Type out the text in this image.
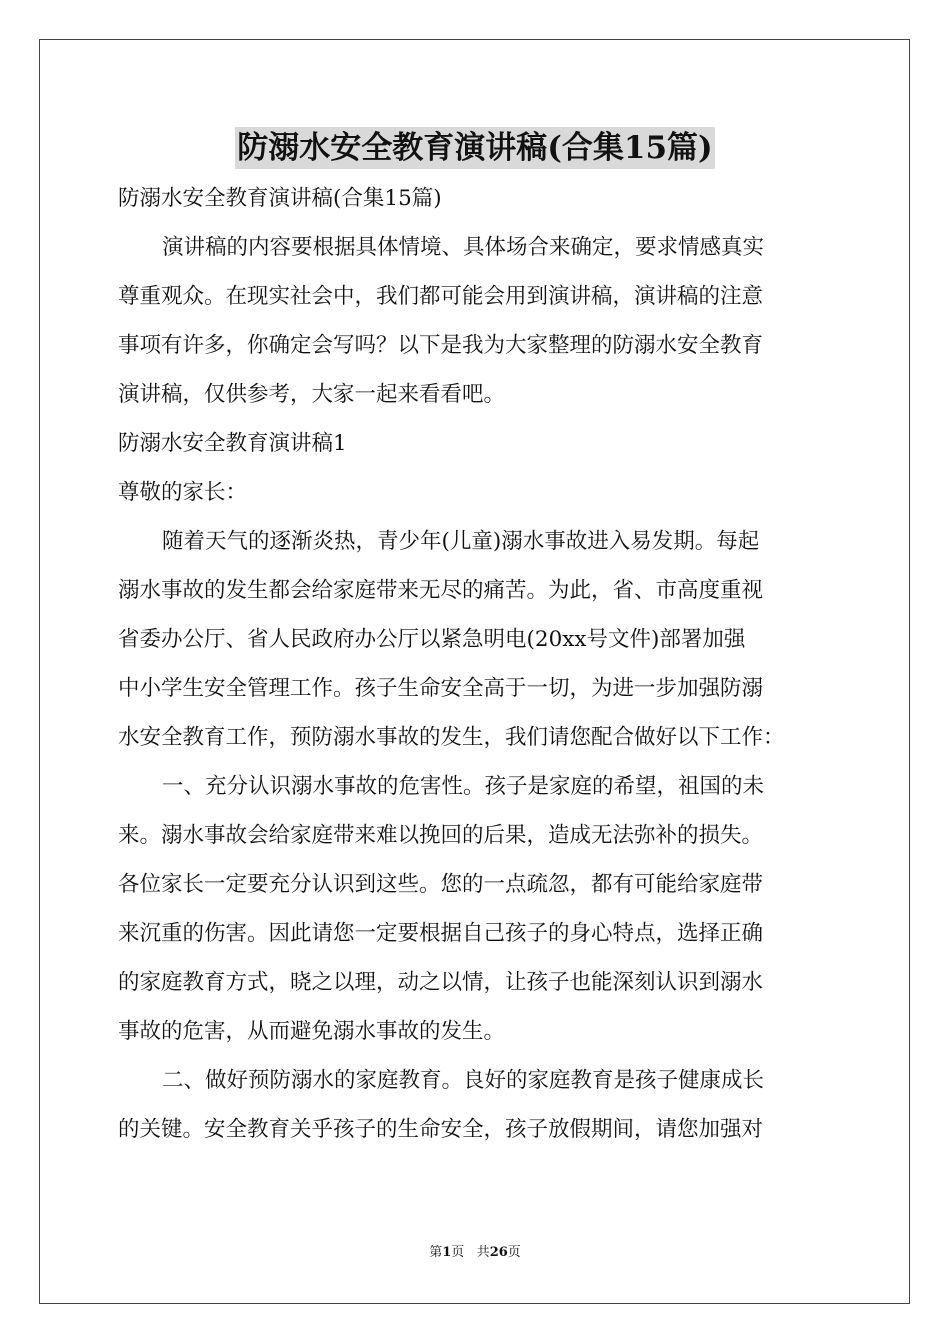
防溺水安全教育演讲稿(合集15篇)
防溺水安全教育演讲稿(合集15篇)
演讲稿的内容要根据具体情境、具体场合来确定，要求情感真实
尊重观众。在现实社会中，我们都可能会用到演讲稿，演讲稿的注意
事项有许多，你确定会写吗？以下是我为大家整理的防溺水安全教育
演讲稿，仅供参考，大家一起来看看吧。
防溺水安全教育演讲稿1
尊敬的家长：
随着天气的逐渐炎热，青少年(儿童)溺水事故进入易发期。每起
溺水事故的发生都会给家庭带来无尽的痛苦。为此，省、市高度重视
省委办公厅、省人民政府办公厅以紧急明电(20xx号文件)部署加强
中小学生安全管理工作。孩子生命安全高于一切，为进一步加强防溺
水安全教育工作，预防溺水事故的发生，我们请您配合做好以下工作：
一、充分认识溺水事故的危害性。孩子是家庭的希望，祖国的未
来。溺水事故会给家庭带来难以挽回的后果，造成无法弥补的损失。
各位家长一定要充分认识到这些。您的一点疏忽，都有可能给家庭带
来沉重的伤害。因此请您一定要根据自己孩子的身心特点，选择正确
的家庭教育方式，晓之以理，动之以情，让孩子也能深刻认识到溺水
事故的危害，从而避免溺水事故的发生。
二、做好预防溺水的家庭教育。良好的家庭教育是孩子健康成长
的关键。安全教育关乎孩子的生命安全，孩子放假期间，请您加强对
第1页 共26页
